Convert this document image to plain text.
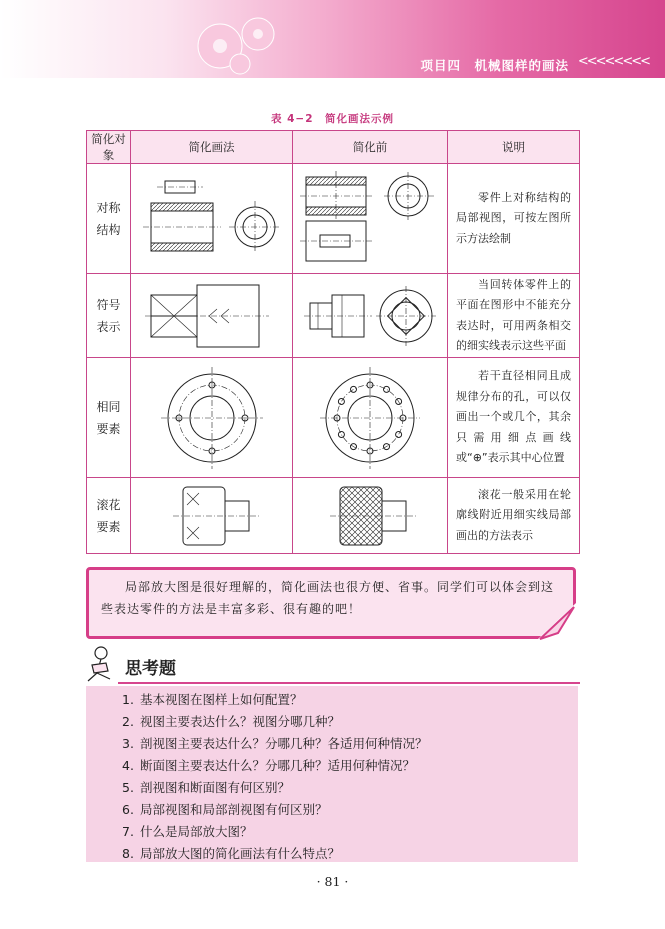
项目四　机械图样的画法 <<<<<<<<
表 4−2　简化画法示例
简化对象	简化画法	简化前	说明

对称
结构			零件上对称结构的局部视图，可按左图所示方法绘制

符号
表示			当回转体零件上的平面在图形中不能充分表达时，可用两条相交的细实线表示这些平面

相同
要素			若干直径相同且成规律分布的孔，可以仅画出一个或几个，其余只需用细点画线或“⊕”表示其中心位置

滚花
要素			滚花一般采用在轮廓线附近用细实线局部画出的方法表示

局部放大图是很好理解的，简化画法也很方便、省事。同学们可以体会到这些表达零件的方法是丰富多彩、很有趣的吧！

思考题
1. 基本视图在图样上如何配置？
2. 视图主要表达什么？视图分哪几种？
3. 剖视图主要表达什么？分哪几种？各适用何种情况？
4. 断面图主要表达什么？分哪几种？适用何种情况？
5. 剖视图和断面图有何区别？
6. 局部视图和局部剖视图有何区别？
7. 什么是局部放大图？
8. 局部放大图的简化画法有什么特点？
· 81 ·
